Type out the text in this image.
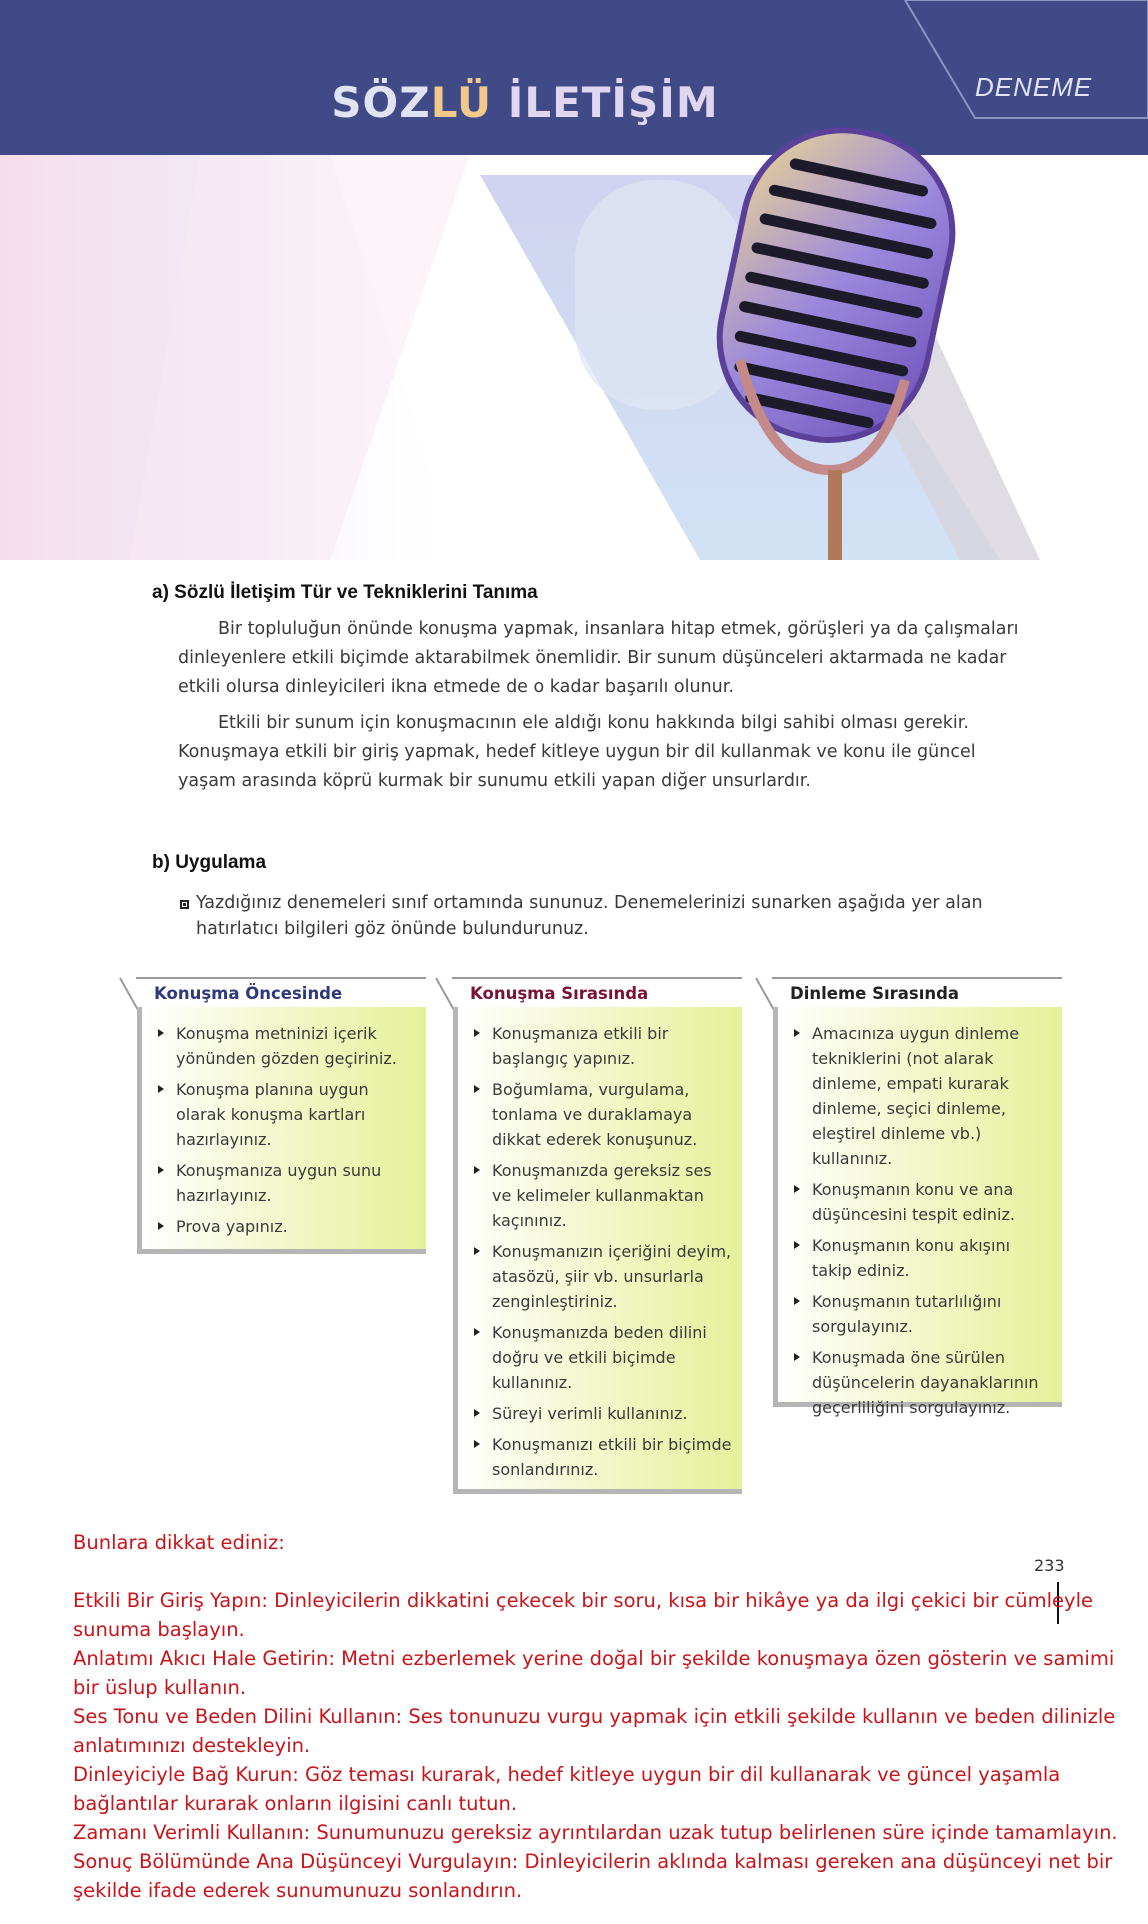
SÖZLÜ İLETİŞİM	DENEME
a) Sözlü İletişim Tür ve Tekniklerini Tanıma

Bir topluluğun önünde konuşma yapmak, insanlara hitap etmek, görüşleri ya da çalışmaları dinleyenlere etkili biçimde aktarabilmek önemlidir. Bir sunum düşünceleri aktarmada ne kadar etkili olursa dinleyicileri ikna etmede de o kadar başarılı olunur.

Etkili bir sunum için konuşmacının ele aldığı konu hakkında bilgi sahibi olması gerekir. Konuşmaya etkili bir giriş yapmak, hedef kitleye uygun bir dil kullanmak ve konu ile güncel yaşam arasında köprü kurmak bir sunumu etkili yapan diğer unsurlardır.

b) Uygulama
Yazdığınız denemeleri sınıf ortamında sununuz. Denemelerinizi sunarken aşağıda yer alan hatırlatıcı bilgileri göz önünde bulundurunuz.
Konuşma Öncesinde
Konuşma metninizi içerik yönünden gözden geçiriniz.
Konuşma planına uygun olarak konuşma kartları hazırlayınız.
Konuşmanıza uygun sunu hazırlayınız.
Prova yapınız.
Konuşma Sırasında
Konuşmanıza etkili bir başlangıç yapınız.
Boğumlama, vurgulama, tonlama ve duraklamaya dikkat ederek konuşunuz.
Konuşmanızda gereksiz ses ve kelimeler kullanmaktan kaçınınız.
Konuşmanızın içeriğini deyim, atasözü, şiir vb. unsurlarla zenginleştiriniz.
Konuşmanızda beden dilini doğru ve etkili biçimde kullanınız.
Süreyi verimli kullanınız.
Konuşmanızı etkili bir biçimde sonlandırınız.
Dinleme Sırasında
Amacınıza uygun dinleme tekniklerini (not alarak dinleme, empati kurarak dinleme, seçici dinleme, eleştirel dinleme vb.) kullanınız.
Konuşmanın konu ve ana düşüncesini tespit ediniz.
Konuşmanın konu akışını takip ediniz.
Konuşmanın tutarlılığını sorgulayınız.
Konuşmada öne sürülen düşüncelerin dayanaklarının geçerliliğini sorgulayınız.
233

Bunlara dikkat ediniz:

Etkili Bir Giriş Yapın: Dinleyicilerin dikkatini çekecek bir soru, kısa bir hikâye ya da ilgi çekici bir cümleyle sunuma başlayın.

Anlatımı Akıcı Hale Getirin: Metni ezberlemek yerine doğal bir şekilde konuşmaya özen gösterin ve samimi bir üslup kullanın.

Ses Tonu ve Beden Dilini Kullanın: Ses tonunuzu vurgu yapmak için etkili şekilde kullanın ve beden dilinizle anlatımınızı destekleyin.

Dinleyiciyle Bağ Kurun: Göz teması kurarak, hedef kitleye uygun bir dil kullanarak ve güncel yaşamla bağlantılar kurarak onların ilgisini canlı tutun.

Zamanı Verimli Kullanın: Sunumunuzu gereksiz ayrıntılardan uzak tutup belirlenen süre içinde tamamlayın.

Sonuç Bölümünde Ana Düşünceyi Vurgulayın: Dinleyicilerin aklında kalması gereken ana düşünceyi net bir şekilde ifade ederek sunumunuzu sonlandırın.
